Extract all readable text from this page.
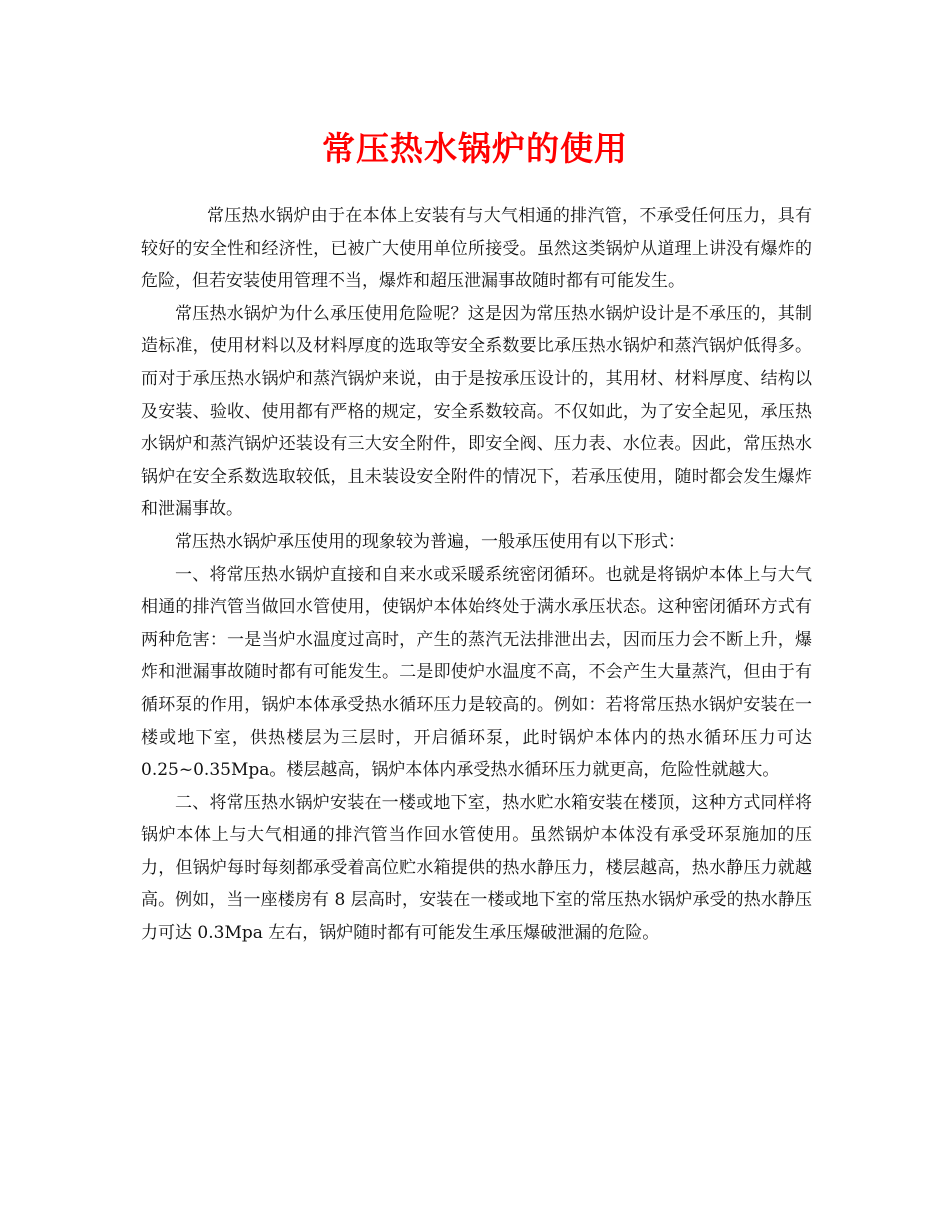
常压热水锅炉的使用

常压热水锅炉由于在本体上安装有与大气相通的排汽管，不承受任何压力，具有较好的安全性和经济性，已被广大使用单位所接受。虽然这类锅炉从道理上讲没有爆炸的危险，但若安装使用管理不当，爆炸和超压泄漏事故随时都有可能发生。

常压热水锅炉为什么承压使用危险呢？这是因为常压热水锅炉设计是不承压的，其制造标准，使用材料以及材料厚度的选取等安全系数要比承压热水锅炉和蒸汽锅炉低得多。而对于承压热水锅炉和蒸汽锅炉来说，由于是按承压设计的，其用材、材料厚度、结构以及安装、验收、使用都有严格的规定，安全系数较高。不仅如此，为了安全起见，承压热水锅炉和蒸汽锅炉还装设有三大安全附件，即安全阀、压力表、水位表。因此，常压热水锅炉在安全系数选取较低，且未装设安全附件的情况下，若承压使用，随时都会发生爆炸和泄漏事故。

常压热水锅炉承压使用的现象较为普遍，一般承压使用有以下形式：

一、将常压热水锅炉直接和自来水或采暖系统密闭循环。也就是将锅炉本体上与大气相通的排汽管当做回水管使用，使锅炉本体始终处于满水承压状态。这种密闭循环方式有两种危害：一是当炉水温度过高时，产生的蒸汽无法排泄出去，因而压力会不断上升，爆炸和泄漏事故随时都有可能发生。二是即使炉水温度不高，不会产生大量蒸汽，但由于有循环泵的作用，锅炉本体承受热水循环压力是较高的。例如：若将常压热水锅炉安装在一楼或地下室，供热楼层为三层时，开启循环泵，此时锅炉本体内的热水循环压力可达 0.25~0.35Mpa。楼层越高，锅炉本体内承受热水循环压力就更高，危险性就越大。

二、将常压热水锅炉安装在一楼或地下室，热水贮水箱安装在楼顶，这种方式同样将锅炉本体上与大气相通的排汽管当作回水管使用。虽然锅炉本体没有承受环泵施加的压力，但锅炉每时每刻都承受着高位贮水箱提供的热水静压力，楼层越高，热水静压力就越高。例如，当一座楼房有 8 层高时，安装在一楼或地下室的常压热水锅炉承受的热水静压力可达 0.3Mpa 左右，锅炉随时都有可能发生承压爆破泄漏的危险。
